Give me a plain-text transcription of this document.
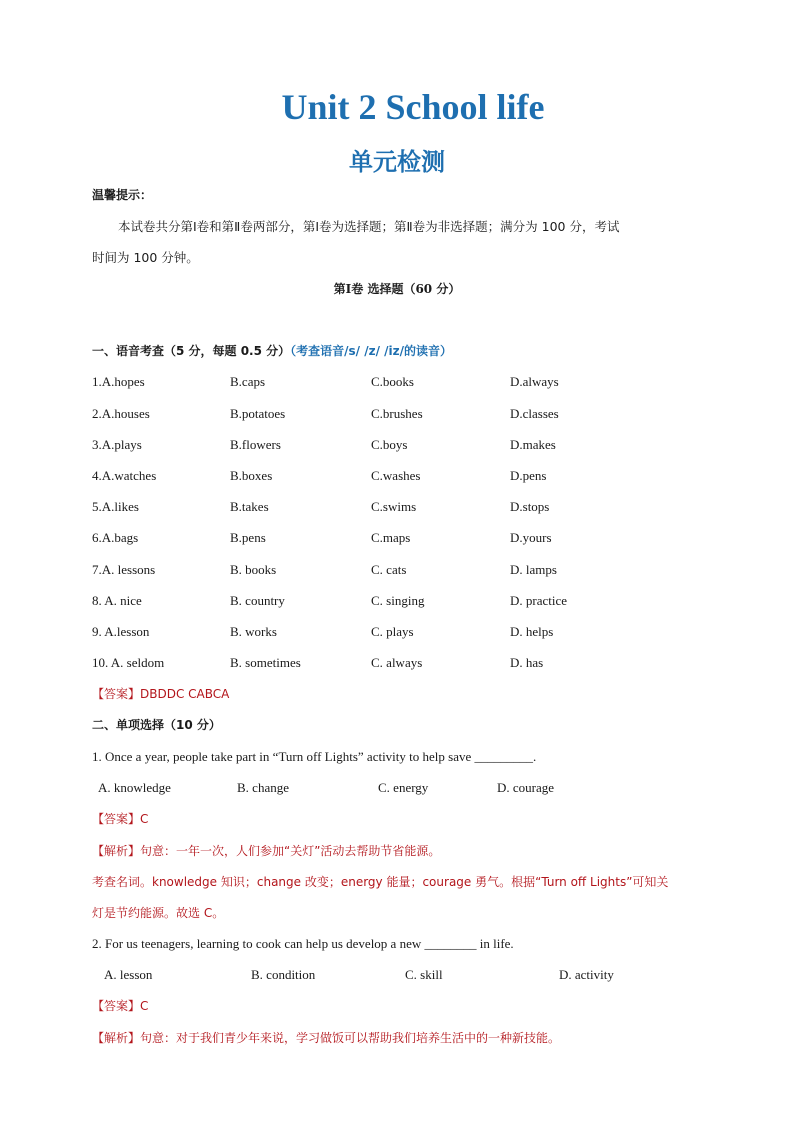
Unit 2 School life
单元检测
温馨提示：
本试卷共分第Ⅰ卷和第Ⅱ卷两部分，第Ⅰ卷为选择题；第Ⅱ卷为非选择题；满分为 100 分，考试
时间为 100 分钟。
第Ⅰ卷 选择题（60 分）
一、语音考查（5 分，每题 0.5 分）（考查语音/s/ /z/ /iz/的读音）
1.A.hopes	B.caps	C.books	D.always
2.A.houses	B.potatoes	C.brushes	D.classes
3.A.plays	B.flowers	C.boys	D.makes
4.A.watches	B.boxes	C.washes	D.pens
5.A.likes	B.takes	C.swims	D.stops
6.A.bags	B.pens	C.maps	D.yours
7.A. lessons	B. books	C. cats	D. lamps
8. A. nice	B. country	C. singing	D. practice
9. A.lesson	B. works	C. plays	D. helps
10. A. seldom	B. sometimes	C. always	D. has
【答案】DBDDC CABCA
二、单项选择（10 分）
1. Once a year, people take part in “Turn off Lights” activity to help save _________.
A. knowledge	B. change	C. energy	D. courage
【答案】C
【解析】句意：一年一次，人们参加“关灯”活动去帮助节省能源。
考查名词。knowledge 知识；change 改变；energy 能量；courage 勇气。根据“Turn off Lights”可知关
灯是节约能源。故选 C。
2. For us teenagers, learning to cook can help us develop a new ________ in life.
A. lesson	B. condition	C. skill	D. activity
【答案】C
【解析】句意：对于我们青少年来说，学习做饭可以帮助我们培养生活中的一种新技能。
